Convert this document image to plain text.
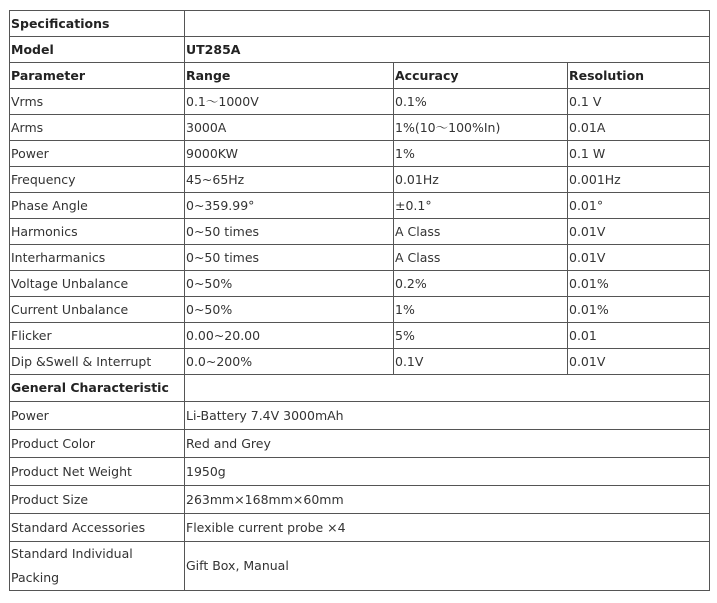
Specifications			
Model	UT285A		
Parameter	Range	Accuracy	Resolution
Vrms	0.1～1000V	0.1%	0.1 V
Arms	3000A	1%(10～100%In)	0.01A
Power	9000KW	1%	0.1 W
Frequency	45~65Hz	0.01Hz	0.001Hz
Phase Angle	0~359.99°	±0.1°	0.01°
Harmonics	0~50 times	A Class	0.01V
Interharmanics	0~50 times	A Class	0.01V
Voltage Unbalance	0~50%	0.2%	0.01%
Current Unbalance	0~50%	1%	0.01%
Flicker	0.00~20.00	5%	0.01
Dip &Swell & Interrupt	0.0~200%	0.1V	0.01V
General Characteristic			
Power	Li-Battery 7.4V 3000mAh		
Product Color	Red and Grey		
Product Net Weight	1950g		
Product Size	263mm×168mm×60mm		
Standard Accessories	Flexible current probe ×4		
Standard Individual Packing	Gift Box, Manual		
